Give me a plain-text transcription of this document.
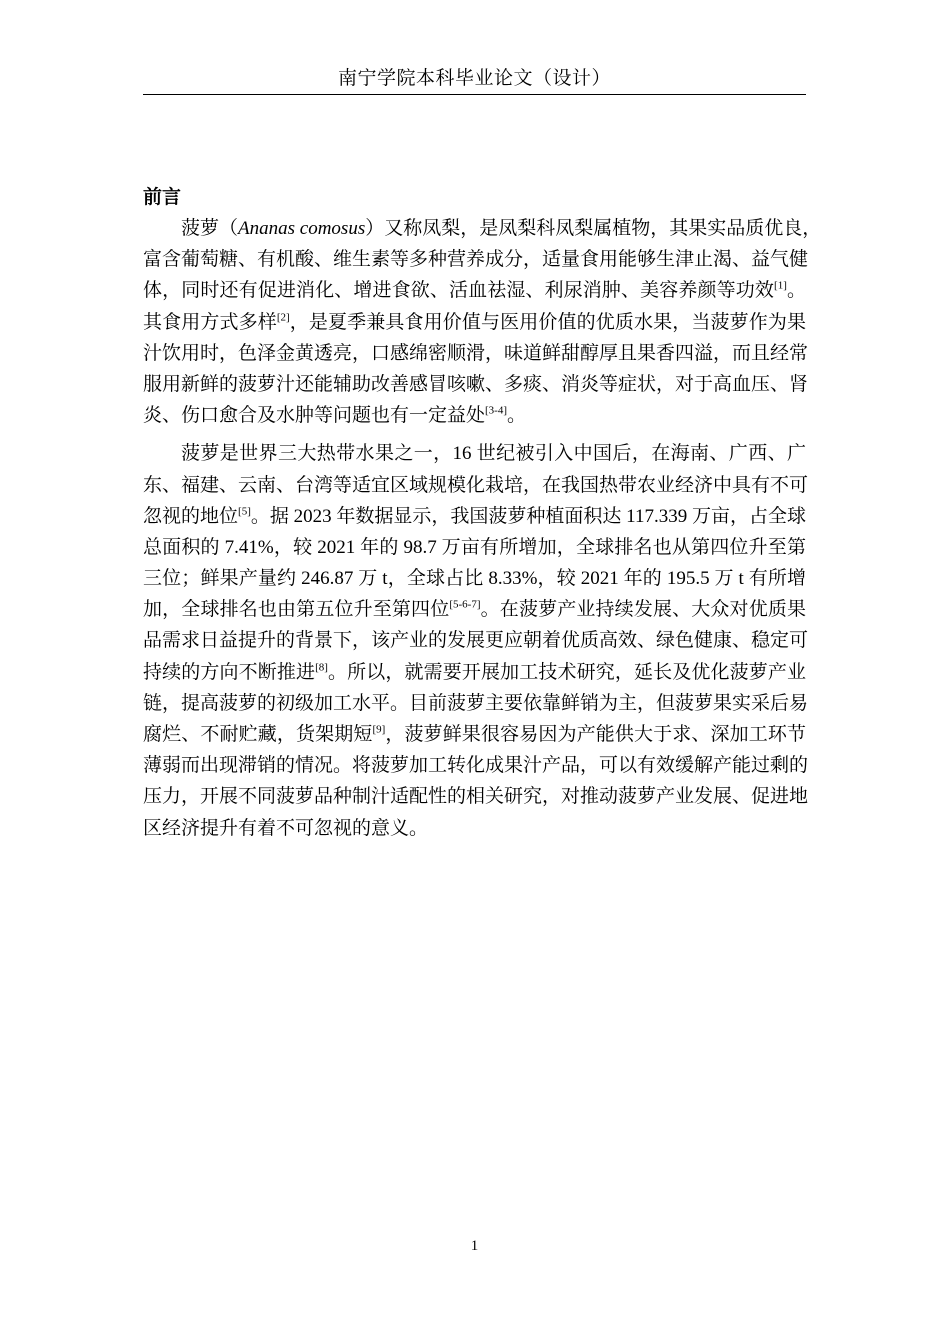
南宁学院本科毕业论文（设计）
前言
菠萝（Ananas comosus）又称凤梨，是凤梨科凤梨属植物，其果实品质优良，
富含葡萄糖、有机酸、维生素等多种营养成分，适量食用能够生津止渴、益气健
体，同时还有促进消化、增进食欲、活血祛湿、利尿消肿、美容养颜等功效[1]。
其食用方式多样[2]，是夏季兼具食用价值与医用价值的优质水果，当菠萝作为果
汁饮用时，色泽金黄透亮，口感绵密顺滑，味道鲜甜醇厚且果香四溢，而且经常
服用新鲜的菠萝汁还能辅助改善感冒咳嗽、多痰、消炎等症状，对于高血压、肾
炎、伤口愈合及水肿等问题也有一定益处[3-4]。
菠萝是世界三大热带水果之一，16 世纪被引入中国后，在海南、广西、广
东、福建、云南、台湾等适宜区域规模化栽培，在我国热带农业经济中具有不可
忽视的地位[5]。据 2023 年数据显示，我国菠萝种植面积达 117.339 万亩，占全球
总面积的 7.41%，较 2021 年的 98.7 万亩有所增加，全球排名也从第四位升至第
三位；鲜果产量约 246.87 万 t，全球占比 8.33%，较 2021 年的 195.5 万 t 有所增
加，全球排名也由第五位升至第四位[5-6-7]。在菠萝产业持续发展、大众对优质果
品需求日益提升的背景下，该产业的发展更应朝着优质高效、绿色健康、稳定可
持续的方向不断推进[8]。所以，就需要开展加工技术研究，延长及优化菠萝产业
链，提高菠萝的初级加工水平。目前菠萝主要依靠鲜销为主，但菠萝果实采后易
腐烂、不耐贮藏，货架期短[9]，菠萝鲜果很容易因为产能供大于求、深加工环节
薄弱而出现滞销的情况。将菠萝加工转化成果汁产品，可以有效缓解产能过剩的
压力，开展不同菠萝品种制汁适配性的相关研究，对推动菠萝产业发展、促进地
区经济提升有着不可忽视的意义。
1
